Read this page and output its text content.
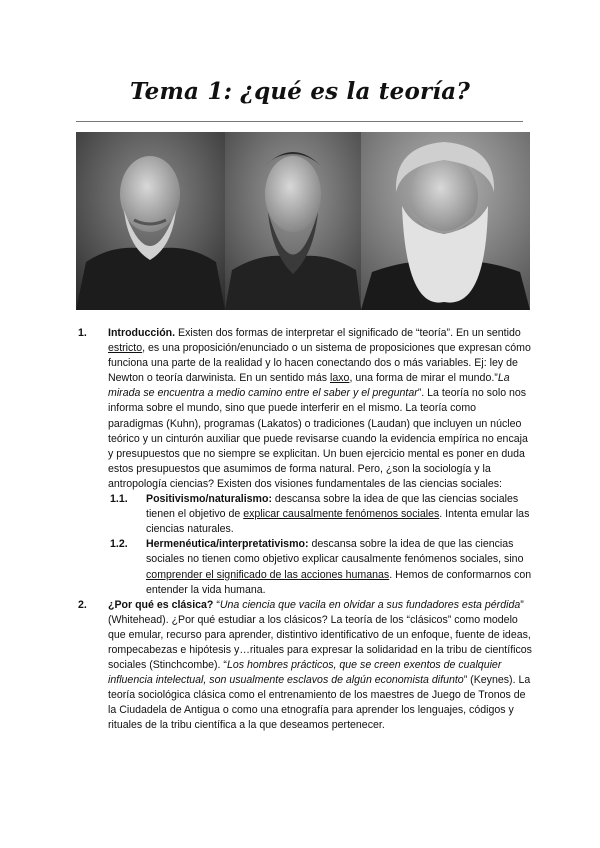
Tema 1: ¿qué es la teoría?
1. Introducción. Existen dos formas de interpretar el significado de “teoría”. En un sentido estricto, es una proposición/enunciado o un sistema de proposiciones que expresan cómo funciona una parte de la realidad y lo hacen conectando dos o más variables. Ej: ley de Newton o teoría darwinista. En un sentido más laxo, una forma de mirar el mundo.”La mirada se encuentra a medio camino entre el saber y el preguntar”. La teoría no solo nos informa sobre el mundo, sino que puede interferir en el mismo. La teoría como paradigmas (Kuhn), programas (Lakatos) o tradiciones (Laudan) que incluyen un núcleo teórico y un cinturón auxiliar que puede revisarse cuando la evidencia empírica no encaja y presupuestos que no siempre se explicitan. Un buen ejercicio mental es poner en duda estos presupuestos que asumimos de forma natural. Pero, ¿son la sociología y la antropología ciencias? Existen dos visiones fundamentales de las ciencias sociales:

1.1. Positivismo/naturalismo: descansa sobre la idea de que las ciencias sociales tienen el objetivo de explicar causalmente fenómenos sociales. Intenta emular las ciencias naturales.

1.2. Hermenéutica/interpretativismo: descansa sobre la idea de que las ciencias sociales no tienen como objetivo explicar causalmente fenómenos sociales, sino comprender el significado de las acciones humanas. Hemos de conformarnos con entender la vida humana.

2. ¿Por qué es clásica? “Una ciencia que vacila en olvidar a sus fundadores esta pérdida” (Whitehead). ¿Por qué estudiar a los clásicos? La teoría de los “clásicos” como modelo que emular, recurso para aprender, distintivo identificativo de un enfoque, fuente de ideas, rompecabezas e hipótesis y…rituales para expresar la solidaridad en la tribu de científicos sociales (Stinchcombe). “Los hombres prácticos, que se creen exentos de cualquier influencia intelectual, son usualmente esclavos de algún economista difunto” (Keynes). La teoría sociológica clásica como el entrenamiento de los maestres de Juego de Tronos de la Ciudadela de Antigua o como una etnografía para aprender los lenguajes, códigos y rituales de la tribu científica a la que deseamos pertenecer.
